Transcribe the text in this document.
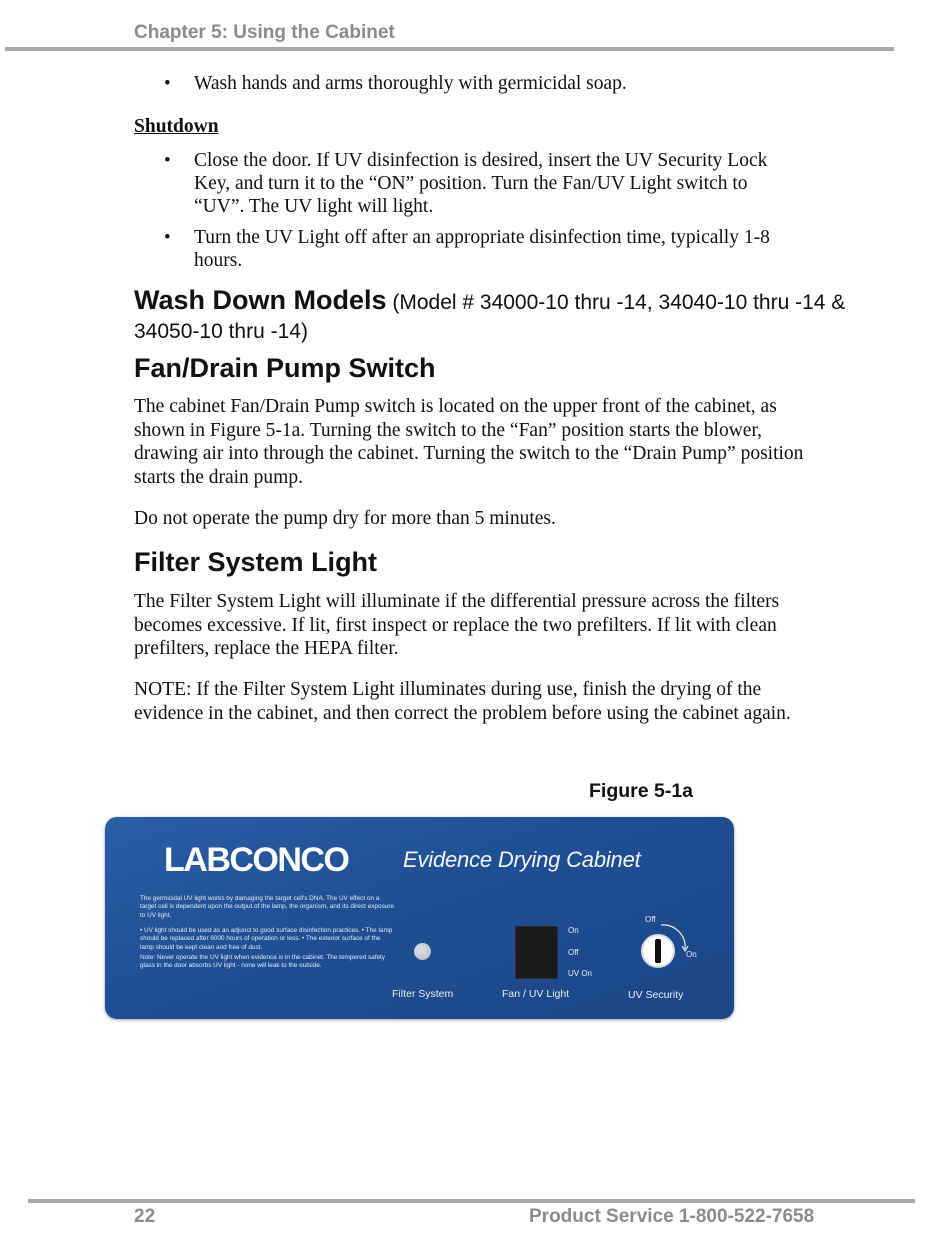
Chapter 5: Using the Cabinet
• Wash hands and arms thoroughly with germicidal soap.
Shutdown
• Close the door. If UV disinfection is desired, insert the UV Security Lock Key, and turn it to the “ON” position. Turn the Fan/UV Light switch to “UV”. The UV light will light.
• Turn the UV Light off after an appropriate disinfection time, typically 1-8 hours.
Wash Down Models (Model # 34000-10 thru -14, 34040-10 thru -14 & 34050-10 thru -14)
Fan/Drain Pump Switch
The cabinet Fan/Drain Pump switch is located on the upper front of the cabinet, as shown in Figure 5-1a. Turning the switch to the “Fan” position starts the blower, drawing air into through the cabinet. Turning the switch to the “Drain Pump” position starts the drain pump.
Do not operate the pump dry for more than 5 minutes.
Filter System Light
The Filter System Light will illuminate if the differential pressure across the filters becomes excessive. If lit, first inspect or replace the two prefilters. If lit with clean prefilters, replace the HEPA filter.
NOTE: If the Filter System Light illuminates during use, finish the drying of the evidence in the cabinet, and then correct the problem before using the cabinet again.
Figure 5-1a
LABCONCO Evidence Drying Cabinet
The germicidal UV light works by damaging the target cell's DNA. The UV effect on a target cell is dependent upon the output of the lamp, the organism, and its direct exposure to UV light.
• UV light should be used as an adjunct to good surface disinfection practices. • The lamp should be replaced after 6000 hours of operation or less. • The exterior surface of the lamp should be kept clean and free of dust.
Note: Never operate the UV light when evidence is in the cabinet. The tempered safety glass in the door absorbs UV light - none will leak to the outside.
Filter System
On
Off
UV On
Fan / UV Light
Off
On
UV Security
22	Product Service 1-800-522-7658
